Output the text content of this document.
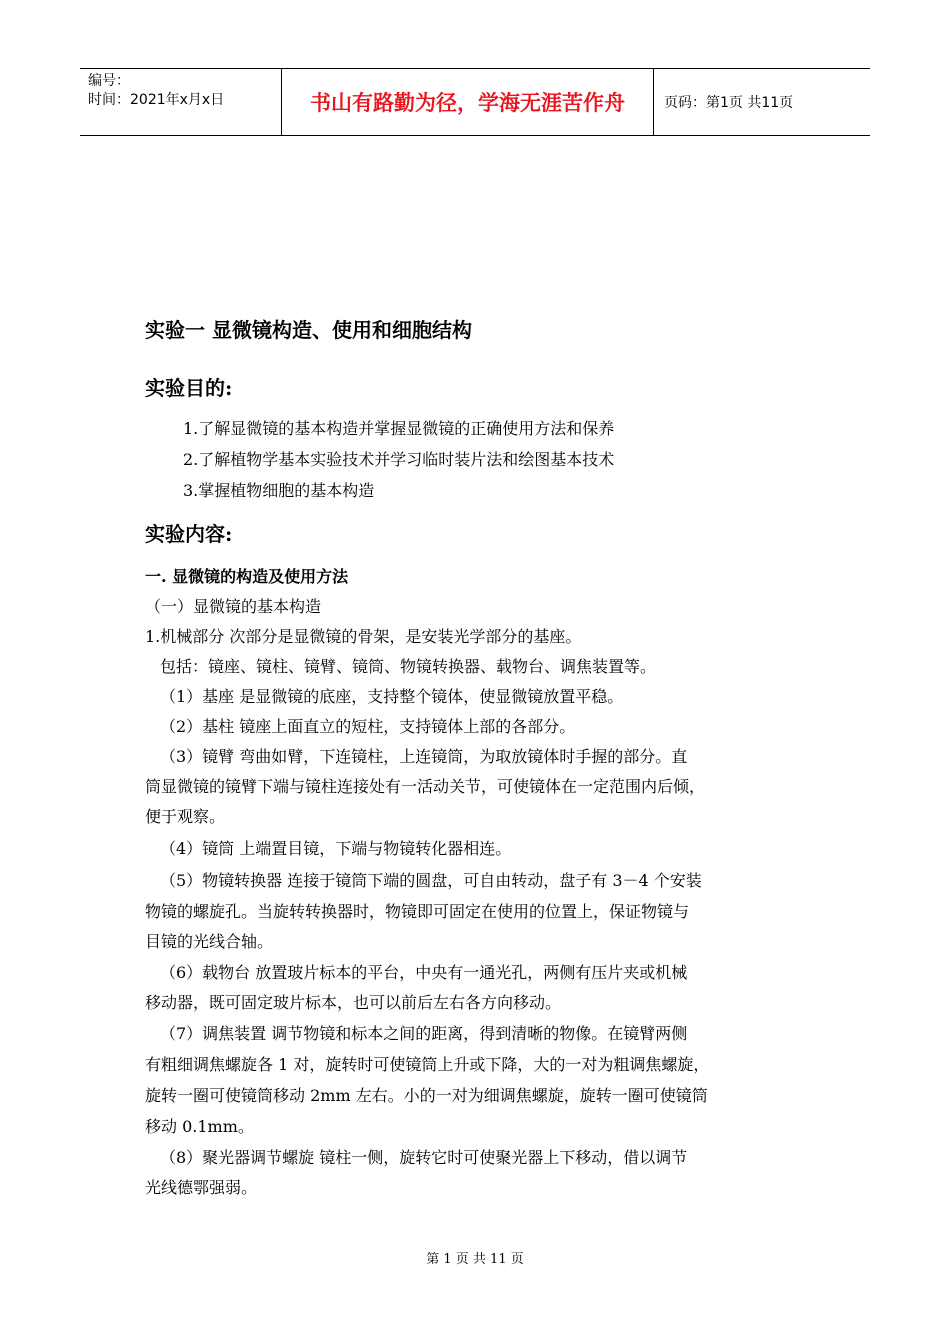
编号：
时间：2021年x月x日	书山有路勤为径，学海无涯苦作舟	页码：第1页 共11页
实验一 显微镜构造、使用和细胞结构
实验目的:
1.了解显微镜的基本构造并掌握显微镜的正确使用方法和保养
2.了解植物学基本实验技术并学习临时装片法和绘图基本技术
3.掌握植物细胞的基本构造
实验内容:
一. 显微镜的构造及使用方法
（一）显微镜的基本构造
1.机械部分 次部分是显微镜的骨架，是安装光学部分的基座。
包括：镜座、镜柱、镜臂、镜筒、物镜转换器、载物台、调焦装置等。
（1）基座 是显微镜的底座，支持整个镜体，使显微镜放置平稳。
（2）基柱 镜座上面直立的短柱，支持镜体上部的各部分。
（3）镜臂 弯曲如臂，下连镜柱，上连镜筒，为取放镜体时手握的部分。直
筒显微镜的镜臂下端与镜柱连接处有一活动关节，可使镜体在一定范围内后倾，
便于观察。
（4）镜筒 上端置目镜，下端与物镜转化器相连。
（5）物镜转换器 连接于镜筒下端的圆盘，可自由转动，盘子有 3－4 个安装
物镜的螺旋孔。当旋转转换器时，物镜即可固定在使用的位置上，保证物镜与
目镜的光线合轴。
（6）载物台 放置玻片标本的平台，中央有一通光孔，两侧有压片夹或机械
移动器，既可固定玻片标本，也可以前后左右各方向移动。
（7）调焦装置 调节物镜和标本之间的距离，得到清晰的物像。在镜臂两侧
有粗细调焦螺旋各 1 对，旋转时可使镜筒上升或下降，大的一对为粗调焦螺旋，
旋转一圈可使镜筒移动 2mm 左右。小的一对为细调焦螺旋，旋转一圈可使镜筒
移动 0.1mm。
（8）聚光器调节螺旋 镜柱一侧，旋转它时可使聚光器上下移动，借以调节
光线德鄂强弱。
第 1 页 共 11 页
